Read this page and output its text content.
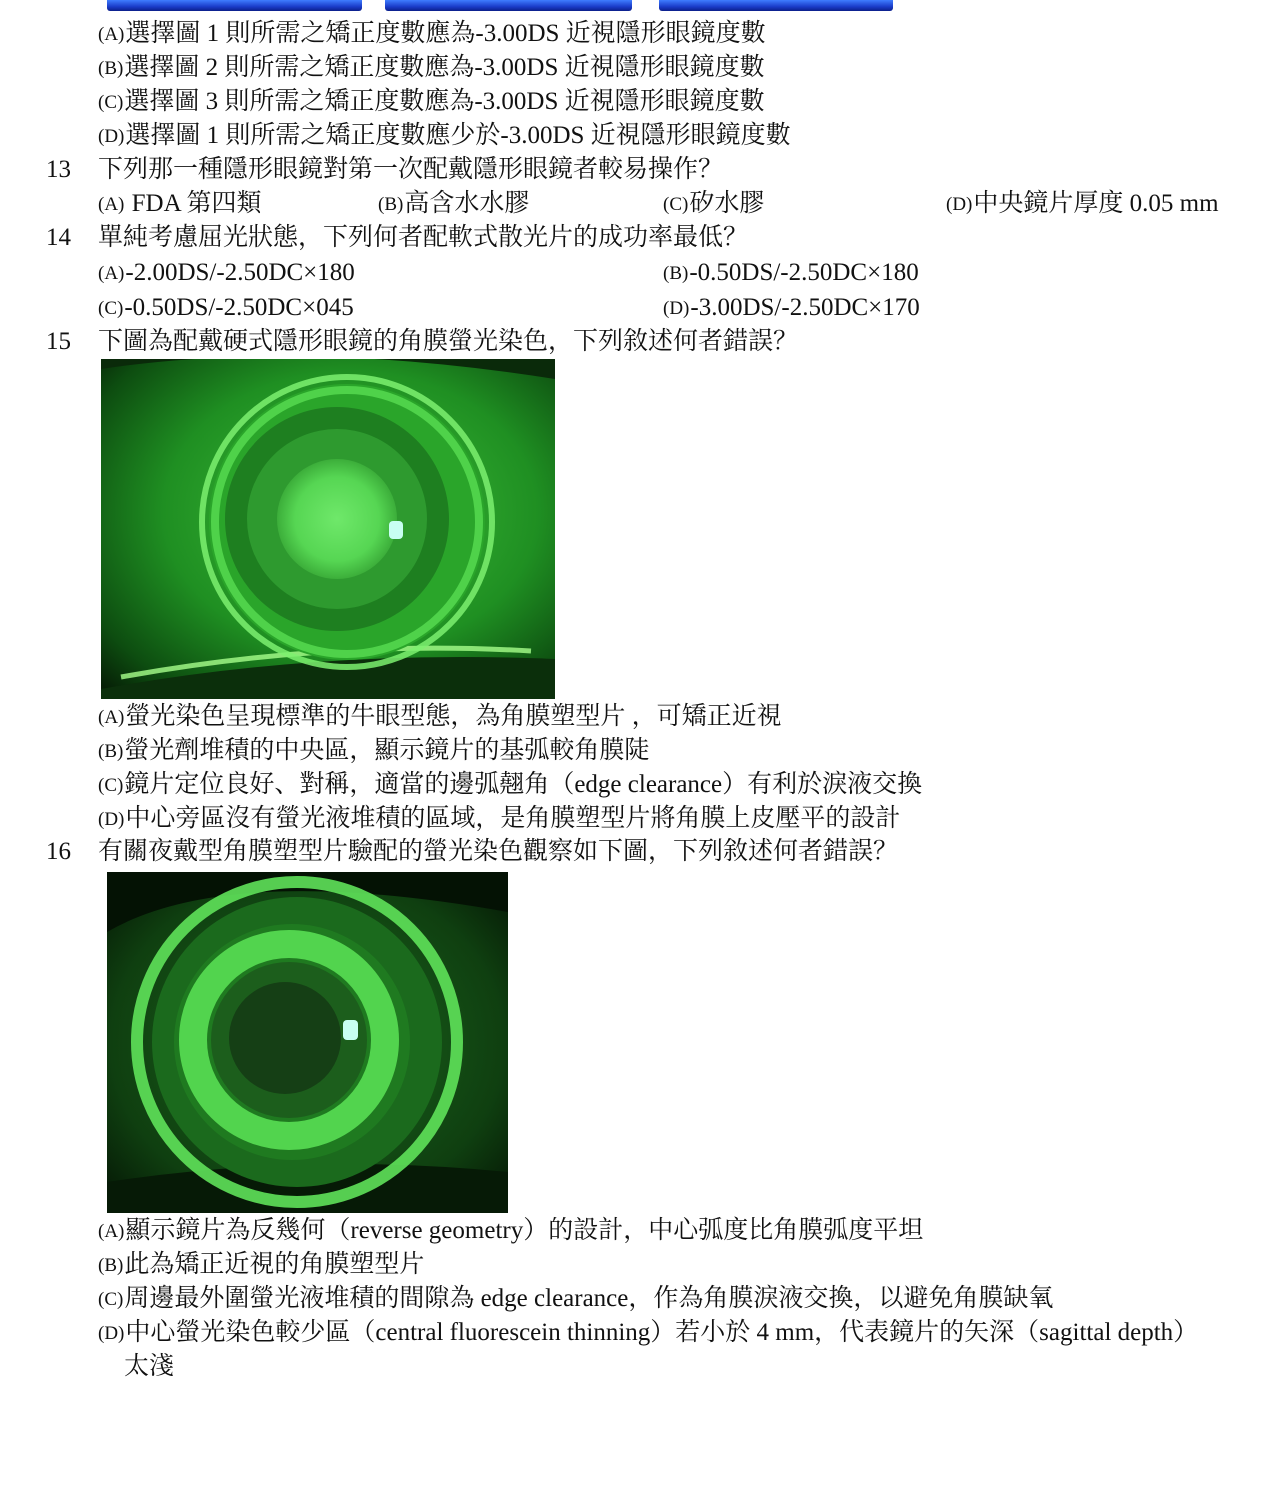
(A)選擇圖 1 則所需之矯正度數應為-3.00DS 近視隱形眼鏡度數
(B)選擇圖 2 則所需之矯正度數應為-3.00DS 近視隱形眼鏡度數
(C)選擇圖 3 則所需之矯正度數應為-3.00DS 近視隱形眼鏡度數
(D)選擇圖 1 則所需之矯正度數應少於-3.00DS 近視隱形眼鏡度數
13 下列那一種隱形眼鏡對第一次配戴隱形眼鏡者較易操作？
(A) FDA 第四類	(B)高含水水膠	(C)矽水膠	(D)中央鏡片厚度 0.05 mm
14 單純考慮屈光狀態，下列何者配軟式散光片的成功率最低？
(A)-2.00DS/-2.50DC×180	(B)-0.50DS/-2.50DC×180
(C)-0.50DS/-2.50DC×045	(D)-3.00DS/-2.50DC×170
15 下圖為配戴硬式隱形眼鏡的角膜螢光染色，下列敘述何者錯誤？
(A)螢光染色呈現標準的牛眼型態，為角膜塑型片 ，可矯正近視
(B)螢光劑堆積的中央區，顯示鏡片的基弧較角膜陡
(C)鏡片定位良好、對稱，適當的邊弧翹角（edge clearance）有利於淚液交換
(D)中心旁區沒有螢光液堆積的區域，是角膜塑型片將角膜上皮壓平的設計
16 有關夜戴型角膜塑型片驗配的螢光染色觀察如下圖，下列敘述何者錯誤？
(A)顯示鏡片為反幾何（reverse geometry）的設計，中心弧度比角膜弧度平坦
(B)此為矯正近視的角膜塑型片
(C)周邊最外圍螢光液堆積的間隙為 edge clearance，作為角膜淚液交換，以避免角膜缺氧
(D)中心螢光染色較少區（central fluorescein thinning）若小於 4 mm，代表鏡片的矢深（sagittal depth）
太淺
